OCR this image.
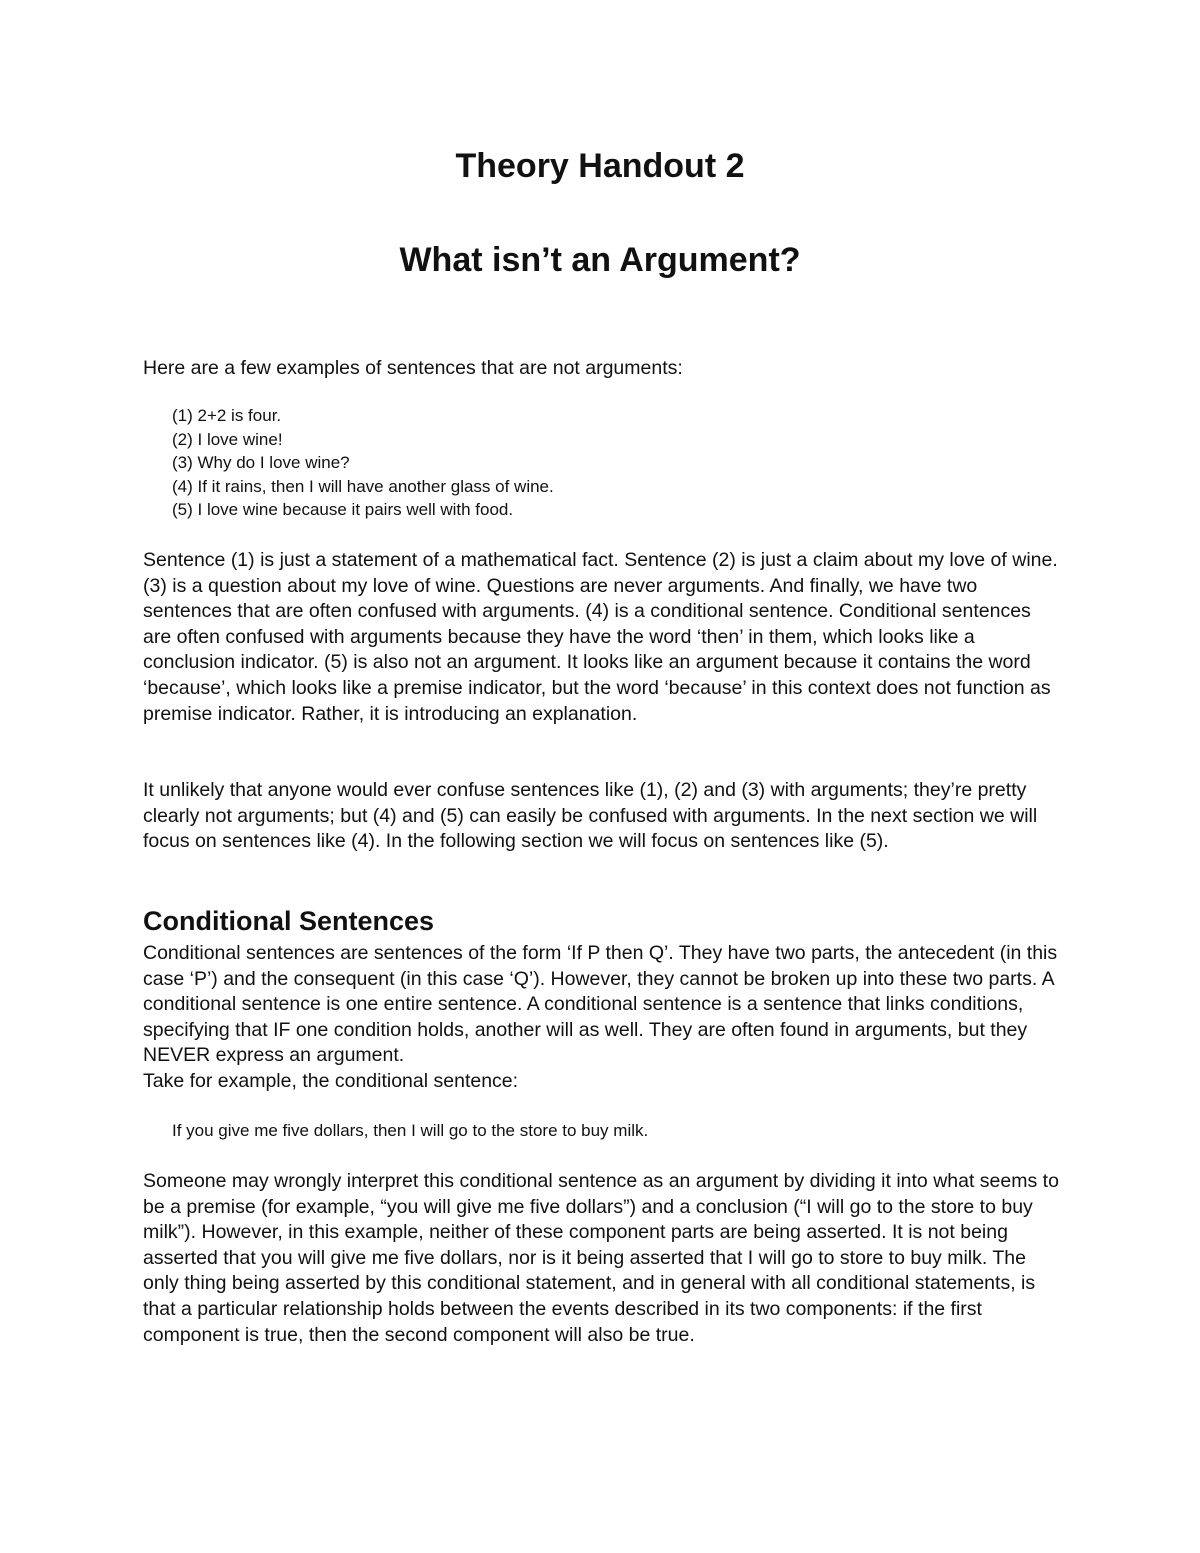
Theory Handout 2
What isn’t an Argument?

Here are a few examples of sentences that are not arguments:

(1) 2+2 is four.
(2) I love wine!
(3) Why do I love wine?
(4) If it rains, then I will have another glass of wine.
(5) I love wine because it pairs well with food.

Sentence (1) is just a statement of a mathematical fact. Sentence (2) is just a claim about my love of wine. (3) is a question about my love of wine. Questions are never arguments. And finally, we have two sentences that are often confused with arguments. (4) is a conditional sentence. Conditional sentences are often confused with arguments because they have the word ‘then’ in them, which looks like a conclusion indicator. (5) is also not an argument. It looks like an argument because it contains the word ‘because’, which looks like a premise indicator, but the word ‘because’ in this context does not function as premise indicator. Rather, it is introducing an explanation.

It unlikely that anyone would ever confuse sentences like (1), (2) and (3) with arguments; they’re pretty clearly not arguments; but (4) and (5) can easily be confused with arguments. In the next section we will focus on sentences like (4). In the following section we will focus on sentences like (5).

Conditional Sentences
Conditional sentences are sentences of the form ‘If P then Q’. They have two parts, the antecedent (in this case ‘P’) and the consequent (in this case ‘Q’). However, they cannot be broken up into these two parts. A conditional sentence is one entire sentence. A conditional sentence is a sentence that links conditions, specifying that IF one condition holds, another will as well. They are often found in arguments, but they NEVER express an argument.
Take for example, the conditional sentence:

If you give me five dollars, then I will go to the store to buy milk.

Someone may wrongly interpret this conditional sentence as an argument by dividing it into what seems to be a premise (for example, “you will give me five dollars”) and a conclusion (“I will go to the store to buy milk”). However, in this example, neither of these component parts are being asserted. It is not being asserted that you will give me five dollars, nor is it being asserted that I will go to store to buy milk. The only thing being asserted by this conditional statement, and in general with all conditional statements, is that a particular relationship holds between the events described in its two components: if the first component is true, then the second component will also be true.
